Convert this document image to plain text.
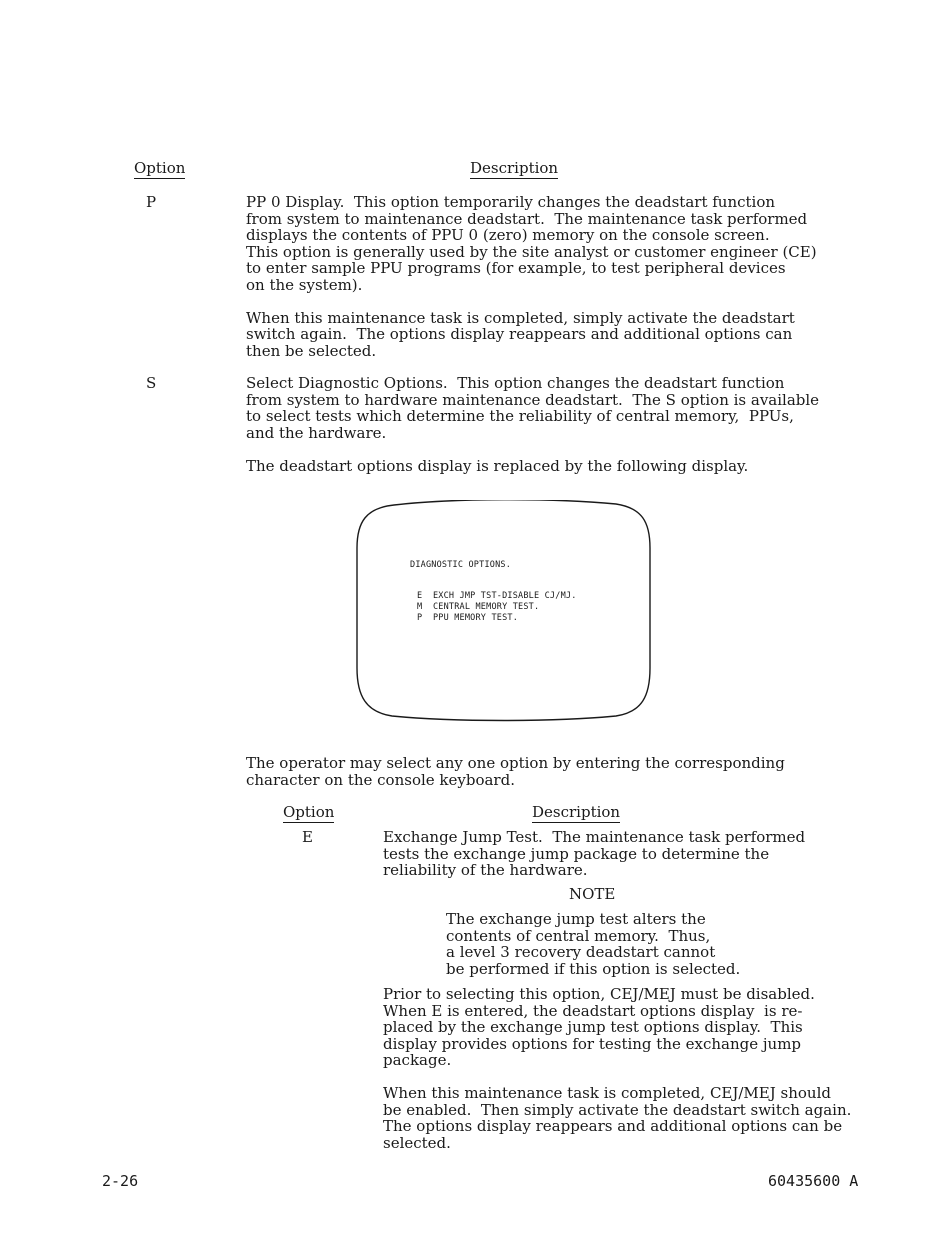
Option	Description
P	PP 0 Display.  This option temporarily changes the deadstart function
from system to maintenance deadstart.  The maintenance task performed
displays the contents of PPU 0 (zero) memory on the console screen.
This option is generally used by the site analyst or customer engineer (CE)
to enter sample PPU programs (for example, to test peripheral devices
on the system).
When this maintenance task is completed, simply activate the deadstart
switch again.  The options display reappears and additional options can
then be selected.
S	Select Diagnostic Options.  This option changes the deadstart function
from system to hardware maintenance deadstart.  The S option is available
to select tests which determine the reliability of central memory,  PPUs,
and the hardware.
The deadstart options display is replaced by the following display.
DIAGNOSTIC OPTIONS.
E  EXCH JMP TST-DISABLE CJ/MJ.
M  CENTRAL MEMORY TEST.
P  PPU MEMORY TEST.
The operator may select any one option by entering the corresponding
character on the console keyboard.
Option	Description
E	Exchange Jump Test.  The maintenance task performed
tests the exchange jump package to determine the
reliability of the hardware.
NOTE
The exchange jump test alters the
contents of central memory.  Thus,
a level 3 recovery deadstart cannot
be performed if this option is selected.
Prior to selecting this option, CEJ/MEJ must be disabled.
When E is entered, the deadstart options display  is re-
placed by the exchange jump test options display.  This
display provides options for testing the exchange jump
package.
When this maintenance task is completed, CEJ/MEJ should
be enabled.  Then simply activate the deadstart switch again.
The options display reappears and additional options can be
selected.
2-26	60435600 A
